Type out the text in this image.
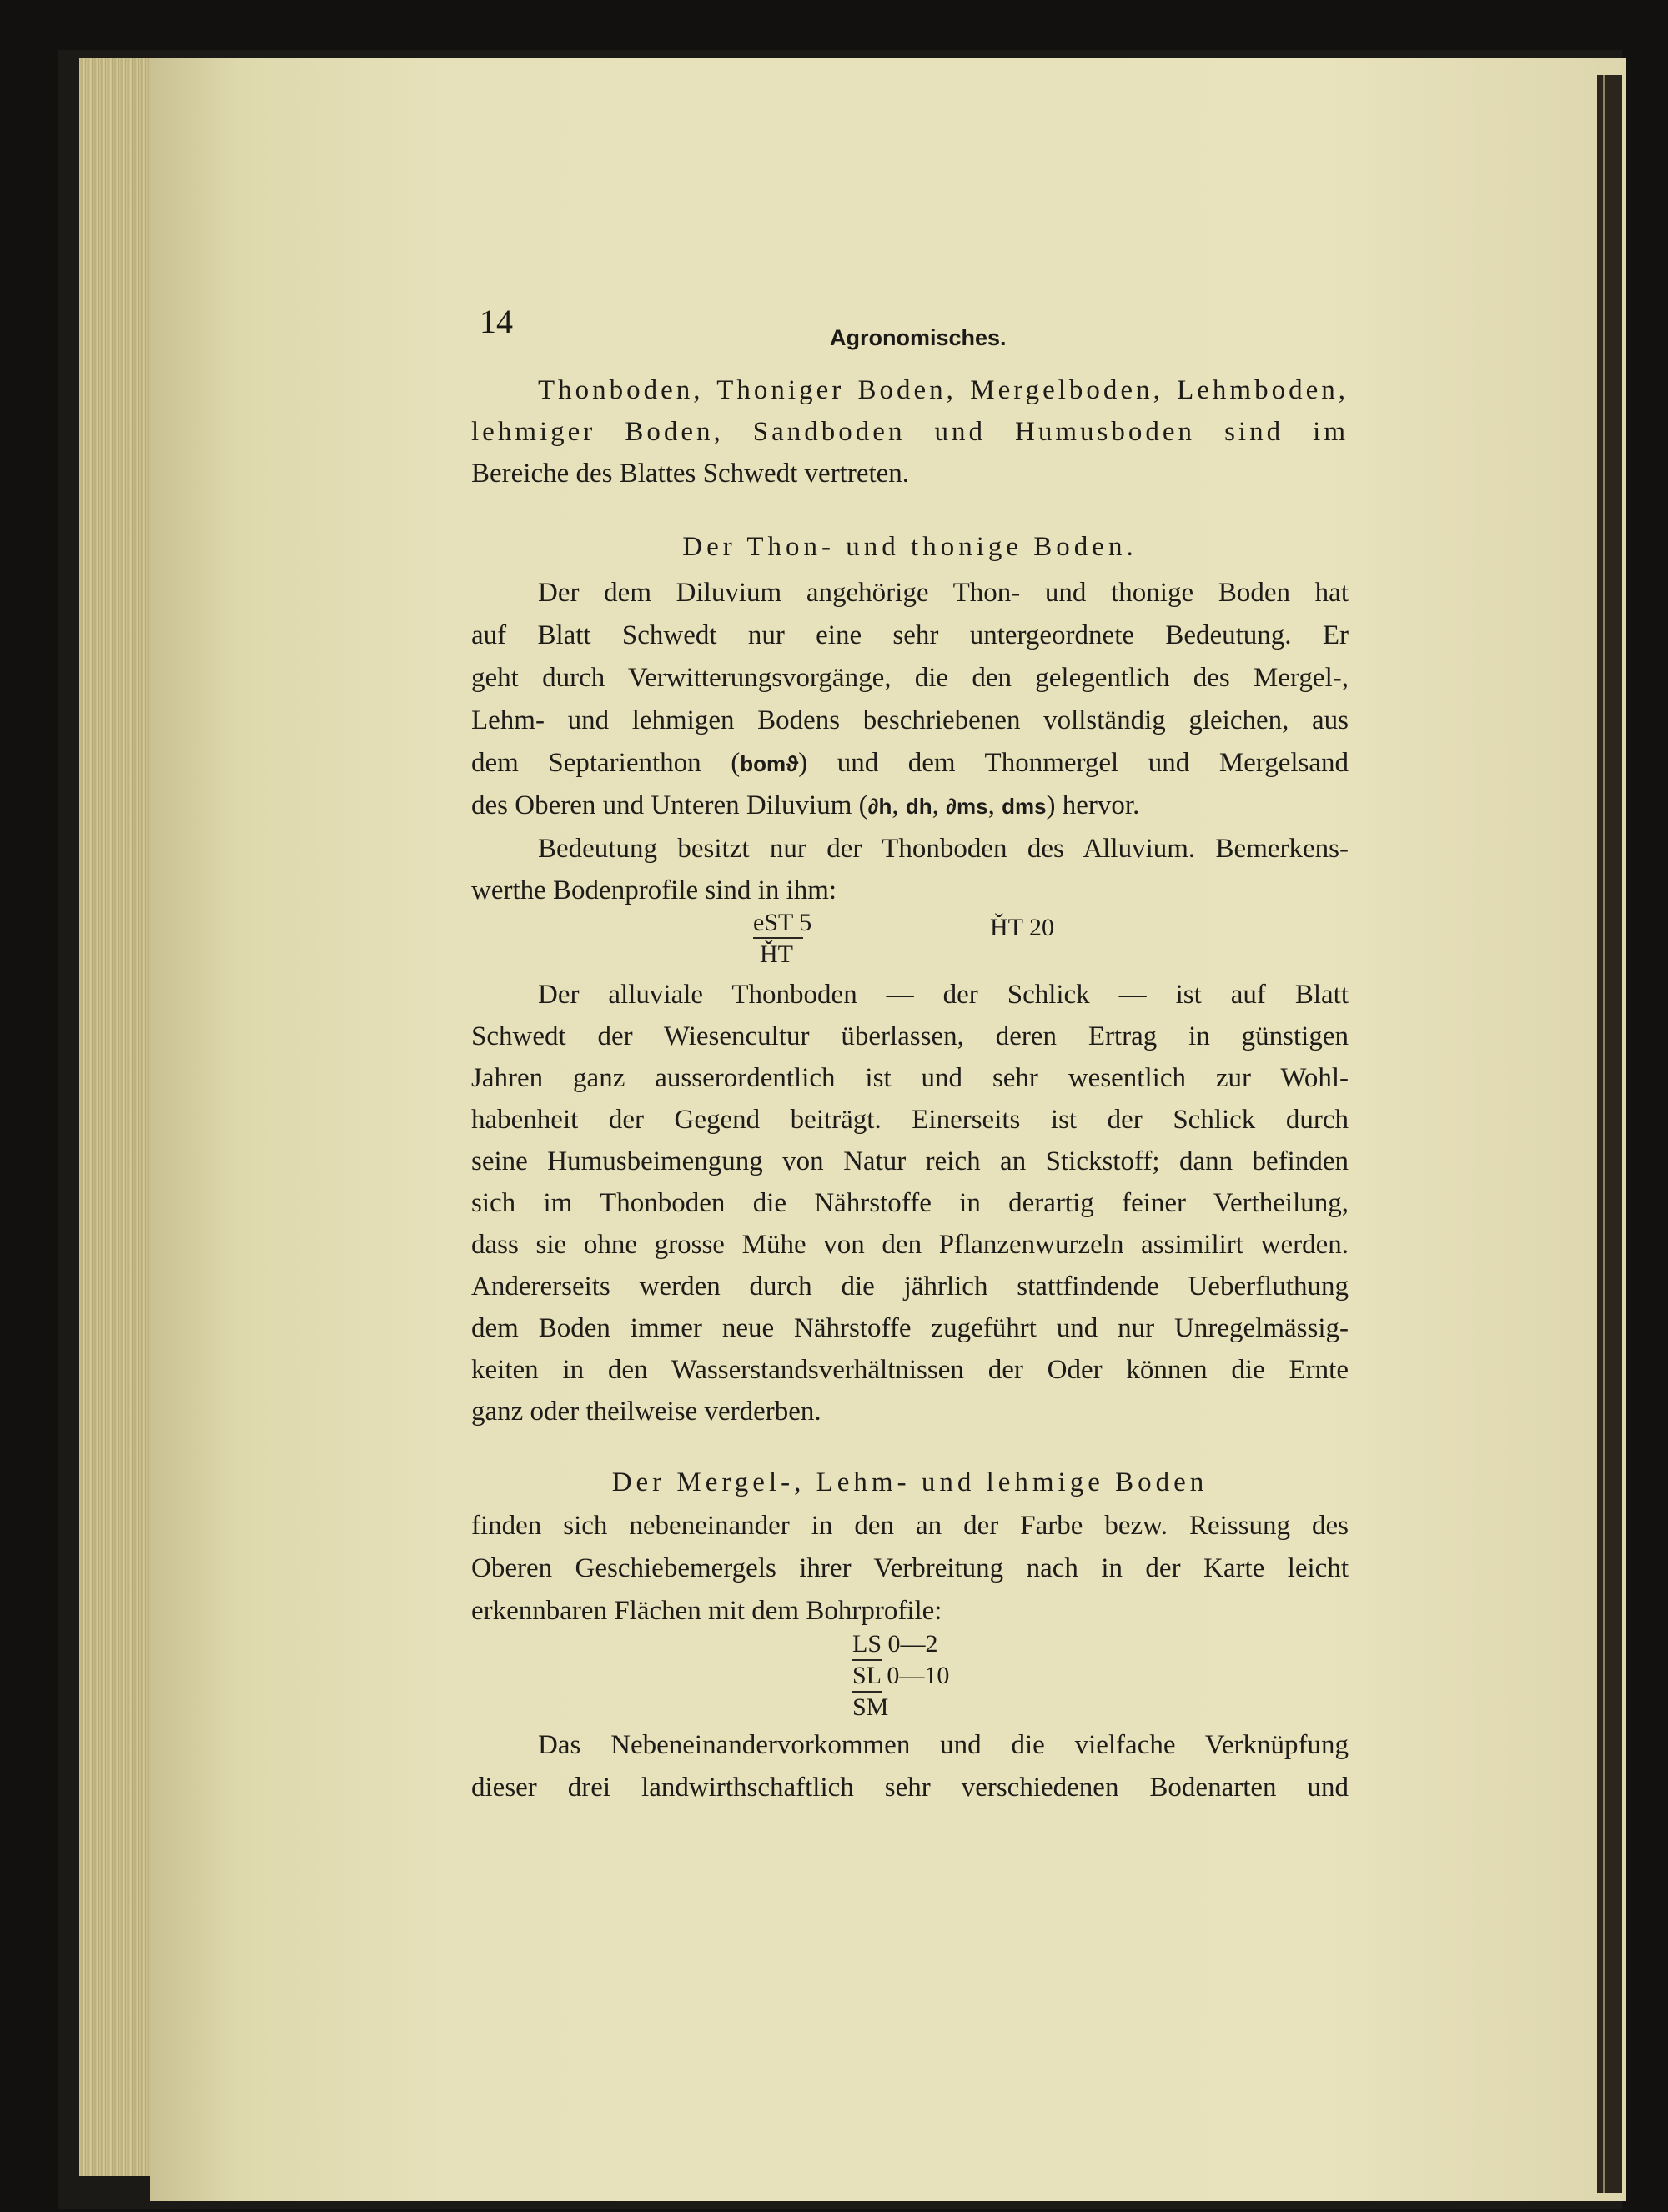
14	Agronomisches.
Thonboden, Thoniger Boden, Mergelboden, Lehmboden,
lehmiger Boden, Sandboden und Humusboden sind im
Bereiche des Blattes Schwedt vertreten.
Der Thon- und thonige Boden.
Der dem Diluvium angehörige Thon- und thonige Boden hat
auf Blatt Schwedt nur eine sehr untergeordnete Bedeutung. Er
geht durch Verwitterungsvorgänge, die den gelegentlich des Mergel-,
Lehm- und lehmigen Bodens beschriebenen vollständig gleichen, aus
dem Septarienthon (bomϑ) und dem Thonmergel und Mergelsand
des Oberen und Unteren Diluvium (∂h, dh, ∂ms, dms) hervor.
Bedeutung besitzt nur der Thonboden des Alluvium. Bemerkens-
werthe Bodenprofile sind in ihm:
eST 5
ȞT
ȞT 20
Der alluviale Thonboden — der Schlick — ist auf Blatt
Schwedt der Wiesencultur überlassen, deren Ertrag in günstigen
Jahren ganz ausserordentlich ist und sehr wesentlich zur Wohl-
habenheit der Gegend beiträgt. Einerseits ist der Schlick durch
seine Humusbeimengung von Natur reich an Stickstoff; dann befinden
sich im Thonboden die Nährstoffe in derartig feiner Vertheilung,
dass sie ohne grosse Mühe von den Pflanzenwurzeln assimilirt werden.
Andererseits werden durch die jährlich stattfindende Ueberfluthung
dem Boden immer neue Nährstoffe zugeführt und nur Unregelmässig-
keiten in den Wasserstandsverhältnissen der Oder können die Ernte
ganz oder theilweise verderben.
Der Mergel-, Lehm- und lehmige Boden
finden sich nebeneinander in den an der Farbe bezw. Reissung des
Oberen Geschiebemergels ihrer Verbreitung nach in der Karte leicht
erkennbaren Flächen mit dem Bohrprofile:
LS 0—2
SL 0—10
SM
Das Nebeneinandervorkommen und die vielfache Verknüpfung
dieser drei landwirthschaftlich sehr verschiedenen Bodenarten und
